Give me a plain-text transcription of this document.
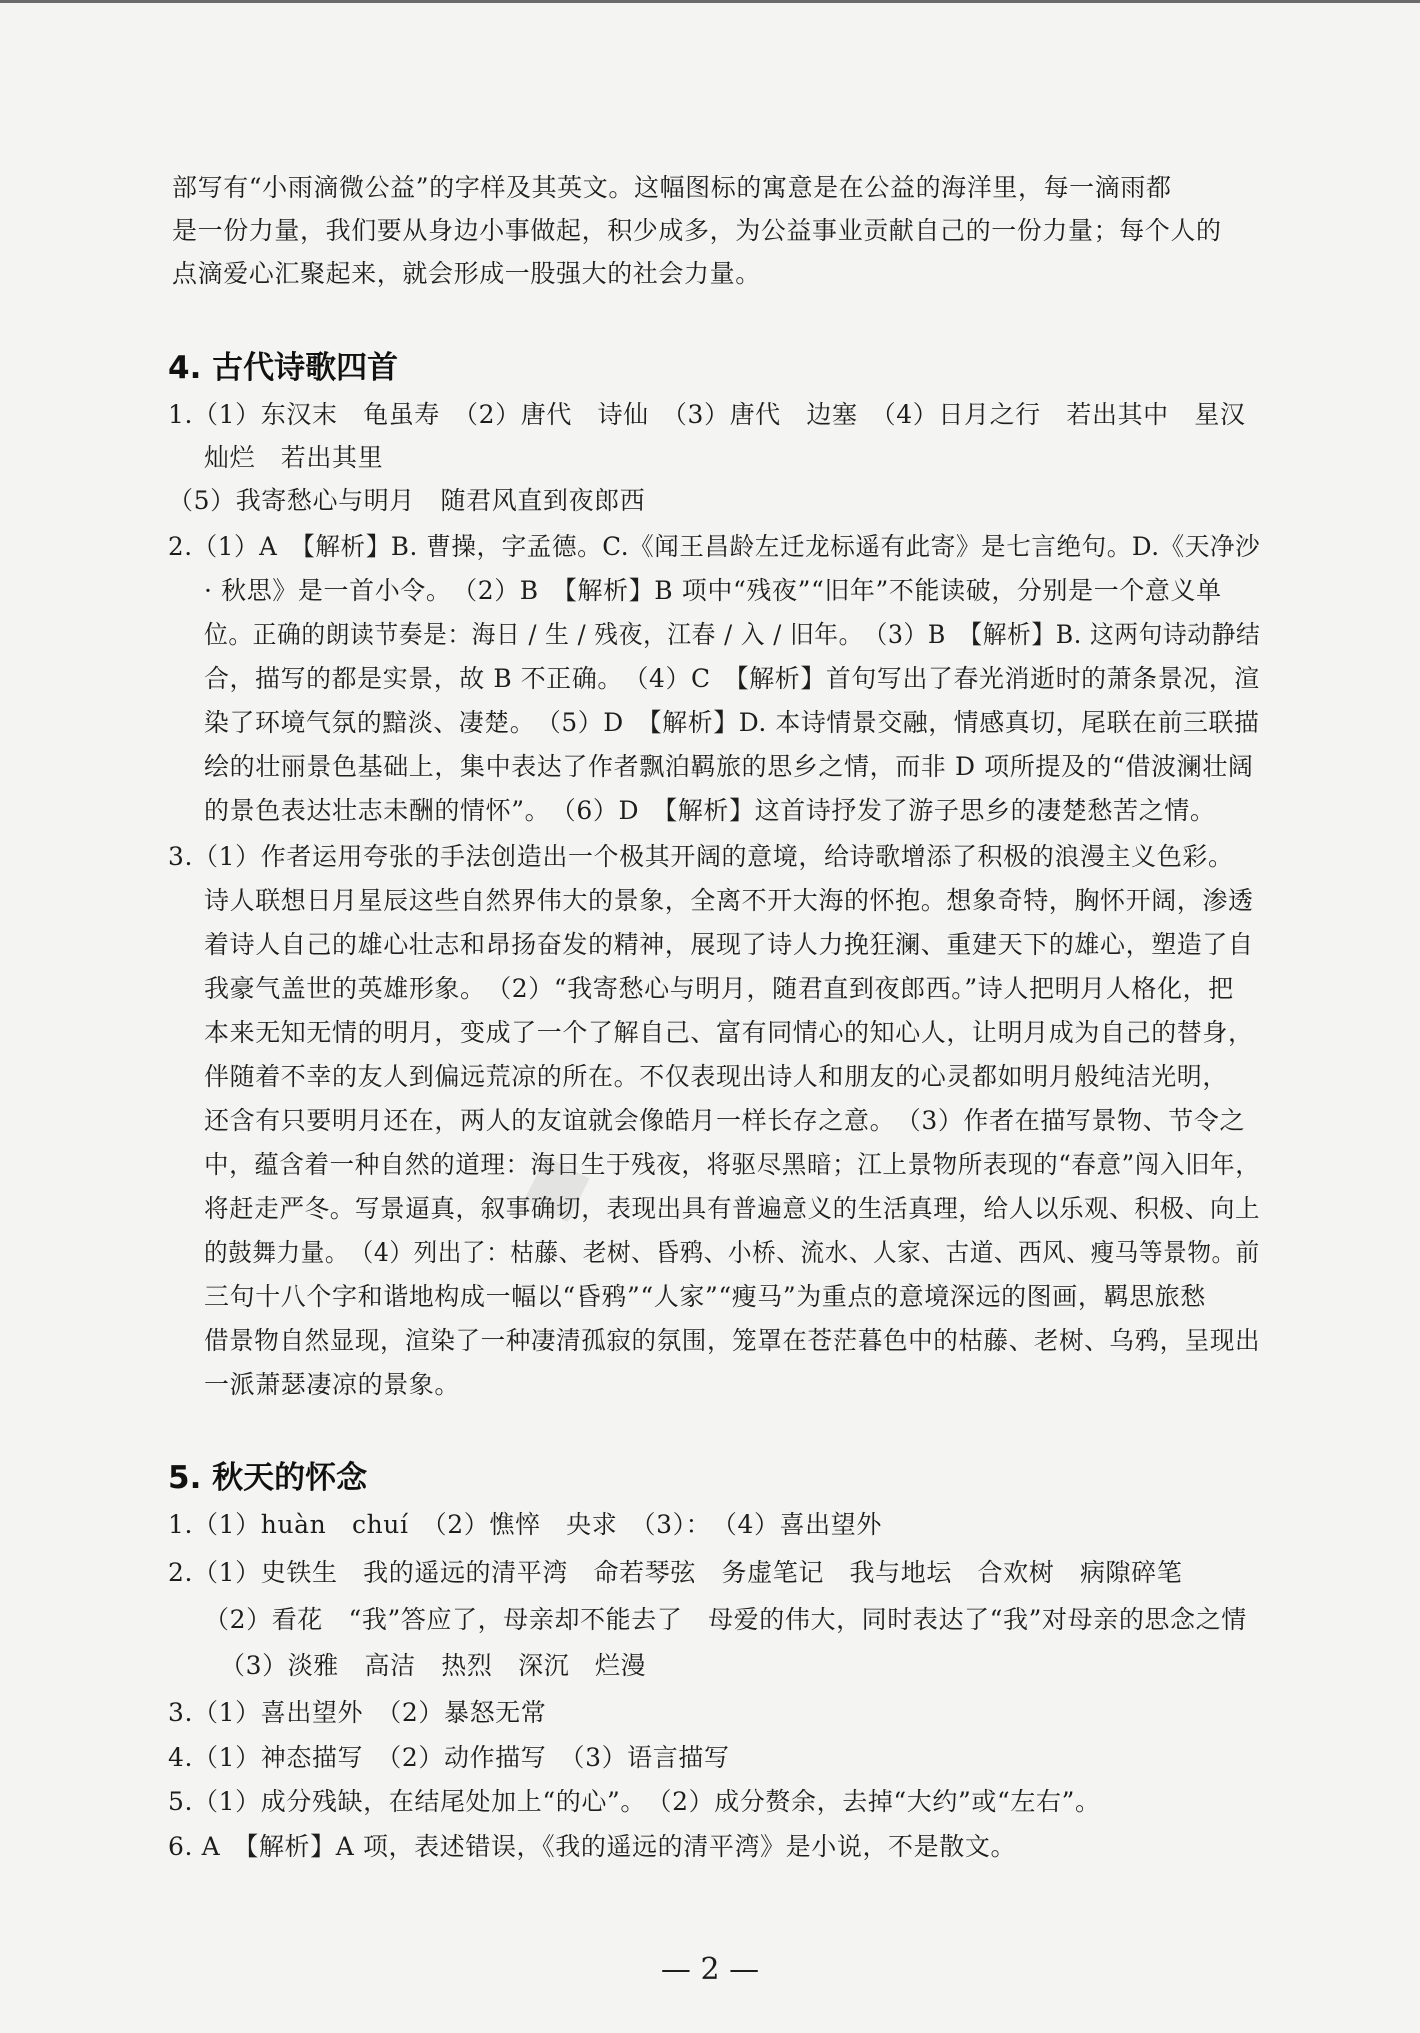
◆
部写有“小雨滴微公益”的字样及其英文。这幅图标的寓意是在公益的海洋里，每一滴雨都
是一份力量，我们要从身边小事做起，积少成多，为公益事业贡献自己的一份力量；每个人的
点滴爱心汇聚起来，就会形成一股强大的社会力量。
4. 古代诗歌四首
1.（1）东汉末　龟虽寿　（2）唐代　诗仙　（3）唐代　边塞　（4）日月之行　若出其中　星汉
灿烂　若出其里
（5）我寄愁心与明月　随君风直到夜郎西
2.（1）A　【解析】B. 曹操，字孟德。C.《闻王昌龄左迁龙标遥有此寄》是七言绝句。D.《天净沙
· 秋思》是一首小令。　（2）B　【解析】B 项中“残夜”“旧年”不能读破，分别是一个意义单
位。正确的朗读节奏是：海日 / 生 / 残夜，江春 / 入 / 旧年。　（3）B　【解析】B. 这两句诗动静结
合，描写的都是实景，故 B 不正确。　（4）C　【解析】首句写出了春光消逝时的萧条景况，渲
染了环境气氛的黯淡、凄楚。　（5）D　【解析】D. 本诗情景交融，情感真切，尾联在前三联描
绘的壮丽景色基础上，集中表达了作者飘泊羁旅的思乡之情，而非 D 项所提及的“借波澜壮阔
的景色表达壮志未酬的情怀”。　（6）D　【解析】这首诗抒发了游子思乡的凄楚愁苦之情。
3.（1）作者运用夸张的手法创造出一个极其开阔的意境，给诗歌增添了积极的浪漫主义色彩。
诗人联想日月星辰这些自然界伟大的景象，全离不开大海的怀抱。想象奇特，胸怀开阔，渗透
着诗人自己的雄心壮志和昂扬奋发的精神，展现了诗人力挽狂澜、重建天下的雄心，塑造了自
我豪气盖世的英雄形象。　（2）“我寄愁心与明月，随君直到夜郎西。”诗人把明月人格化，把
本来无知无情的明月，变成了一个了解自己、富有同情心的知心人，让明月成为自己的替身，
伴随着不幸的友人到偏远荒凉的所在。不仅表现出诗人和朋友的心灵都如明月般纯洁光明，
还含有只要明月还在，两人的友谊就会像皓月一样长存之意。　（3）作者在描写景物、节令之
中，蕴含着一种自然的道理：海日生于残夜，将驱尽黑暗；江上景物所表现的“春意”闯入旧年，
将赶走严冬。写景逼真，叙事确切，表现出具有普遍意义的生活真理，给人以乐观、积极、向上
的鼓舞力量。　（4）列出了：枯藤、老树、昏鸦、小桥、流水、人家、古道、西风、瘦马等景物。前
三句十八个字和谐地构成一幅以“昏鸦”“人家”“瘦马”为重点的意境深远的图画，羁思旅愁
借景物自然显现，渲染了一种凄清孤寂的氛围，笼罩在苍茫暮色中的枯藤、老树、乌鸦，呈现出
一派萧瑟凄凉的景象。
5. 秋天的怀念
1.（1）huàn　chuí　（2）憔悴　央求　（3）：　（4）喜出望外
2.（1）史铁生　我的遥远的清平湾　命若琴弦　务虚笔记　我与地坛　合欢树　病隙碎笔
（2）看花　“我”答应了，母亲却不能去了　母爱的伟大，同时表达了“我”对母亲的思念之情
（3）淡雅　高洁　热烈　深沉　烂漫
3.（1）喜出望外　（2）暴怒无常
4.（1）神态描写　（2）动作描写　（3）语言描写
5.（1）成分残缺，在结尾处加上“的心”。　（2）成分赘余，去掉“大约”或“左右”。
6. A　【解析】A 项，表述错误，《我的遥远的清平湾》是小说，不是散文。
— 2 —
